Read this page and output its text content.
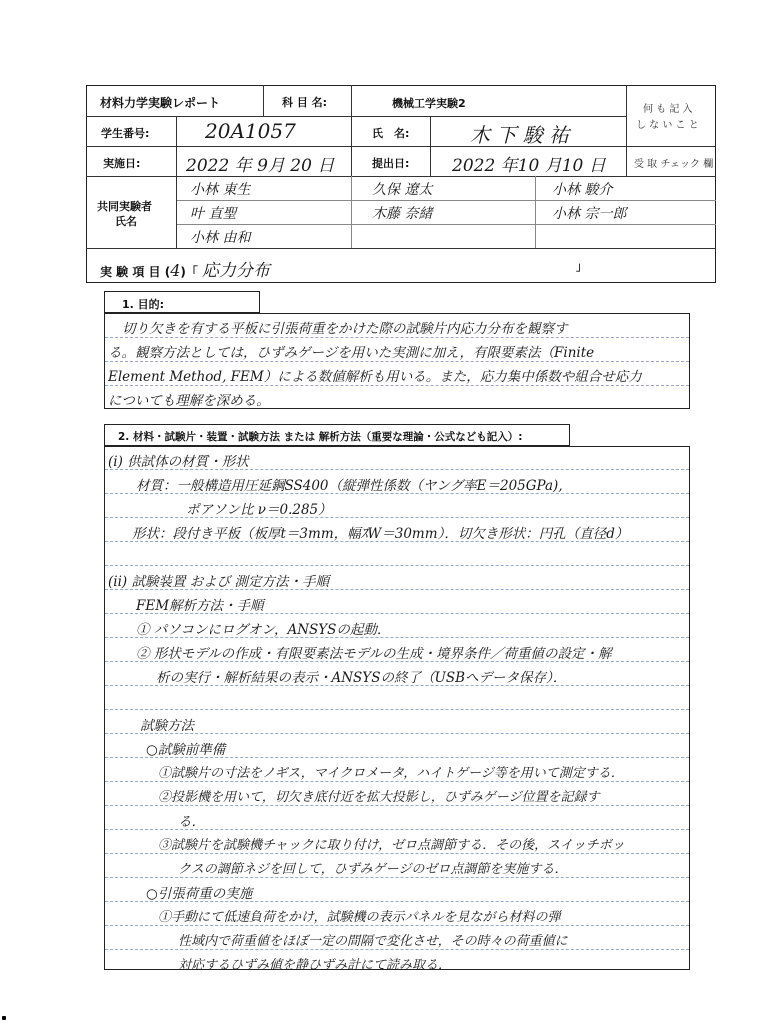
材料力学実験レポート	科 目 名:	機械工学実験2	何 も 記 入
し な い こ と
学生番号:	20A1057	氏　名:	木 下 駿 祐
実施日:	2022 年 9月 20 日	提出日:	2022 年10 月10 日	受 取 チェック 欄
共同実験者
氏名
小林 東生	久保 遼太	小林 駿介
叶 直聖	木藤 奈緒	小林 宗一郎
小林 由和
実 験 項 目 (4)「 応力分布	」
1. 目的:
切り欠きを有する平板に引張荷重をかけた際の試験片内応力分布を観察す
る。観察方法としては，ひずみゲージを用いた実測に加え，有限要素法（Finite
Element Method, FEM）による数値解析も用いる。また，応力集中係数や組合せ応力
についても理解を深める。
2. 材料・試験片・装置・試験方法 または 解析方法（重要な理論・公式なども記入）:
(i) 供試体の材質・形状
材質：一般構造用圧延鋼SS400（縦弾性係数（ヤング率E＝205GPa),
ポアソン比 ν＝0.285）
形状：段付き平板（板厚t＝3mm，幅ｽW＝30mm）．切欠き形状：円孔（直径d）
(ii) 試験装置 および 測定方法・手順
FEM解析方法・手順
① パソコンにログオン，ANSYSの起動．
② 形状モデルの作成・有限要素法モデルの生成・境界条件／荷重値の設定・解
析の実行・解析結果の表示・ANSYSの終了（USBへデータ保存）．
試験方法
○試験前準備
①試験片の寸法をノギス，マイクロメータ，ハイトゲージ等を用いて測定する．
②投影機を用いて，切欠き底付近を拡大投影し，ひずみゲージ位置を記録す
る．
③試験片を試験機チャックに取り付け，ゼロ点調節する．その後，スイッチボッ
クスの調節ネジを回して，ひずみゲージのゼロ点調節を実施する．
○引張荷重の実施
①手動にて低速負荷をかけ，試験機の表示パネルを見ながら材料の弾
性域内で荷重値をほぼ一定の間隔で変化させ，その時々の荷重値に
対応するひずみ値を静ひずみ計にて読み取る．
